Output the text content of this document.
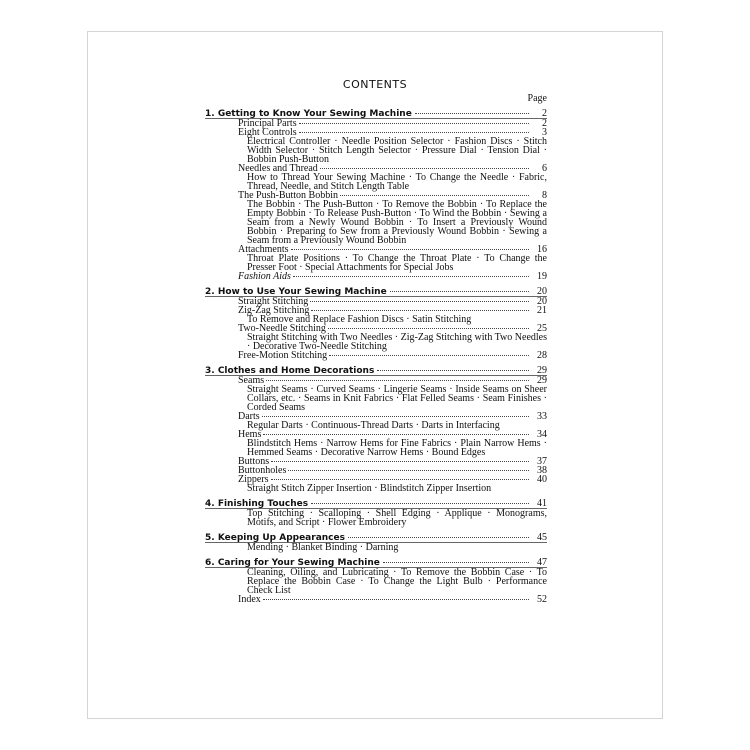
CONTENTS
Page
1. Getting to Know Your Sewing Machine	2
Principal Parts	2
Eight Controls	3
Electrical Controller · Needle Position Selector · Fashion Discs · Stitch Width Selector · Stitch Length Selector · Pressure Dial · Tension Dial · Bobbin Push-Button
Needles and Thread	6
How to Thread Your Sewing Machine · To Change the Needle · Fabric, Thread, Needle, and Stitch Length Table
The Push-Button Bobbin	8
The Bobbin · The Push-Button · To Remove the Bobbin · To Replace the Empty Bobbin · To Release Push-Button · To Wind the Bobbin · Sewing a Seam from a Newly Wound Bobbin · To Insert a Previously Wound Bobbin · Preparing to Sew from a Previously Wound Bobbin · Sewing a Seam from a Previously Wound Bobbin
Attachments	16
Throat Plate Positions · To Change the Throat Plate · To Change the Presser Foot · Special Attachments for Special Jobs
Fashion Aids	19
2. How to Use Your Sewing Machine	20
Straight Stitching	20
Zig-Zag Stitching	21
To Remove and Replace Fashion Discs · Satin Stitching
Two-Needle Stitching	25
Straight Stitching with Two Needles · Zig-Zag Stitching with Two Needles · Decorative Two-Needle Stitching
Free-Motion Stitching	28
3. Clothes and Home Decorations	29
Seams	29
Straight Seams · Curved Seams · Lingerie Seams · Inside Seams on Sheer Collars, etc. · Seams in Knit Fabrics · Flat Felled Seams · Seam Finishes · Corded Seams
Darts	33
Regular Darts · Continuous-Thread Darts · Darts in Interfacing
Hems	34
Blindstitch Hems · Narrow Hems for Fine Fabrics · Plain Narrow Hems · Hemmed Seams · Decorative Narrow Hems · Bound Edges
Buttons	37
Buttonholes	38
Zippers	40
Straight Stitch Zipper Insertion · Blindstitch Zipper Insertion
4. Finishing Touches	41
Top Stitching · Scalloping · Shell Edging · Applique · Monograms, Motifs, and Script · Flower Embroidery
5. Keeping Up Appearances	45
Mending · Blanket Binding · Darning
6. Caring for Your Sewing Machine	47
Cleaning, Oiling, and Lubricating · To Remove the Bobbin Case · To Replace the Bobbin Case · To Change the Light Bulb · Performance Check List
Index	52
